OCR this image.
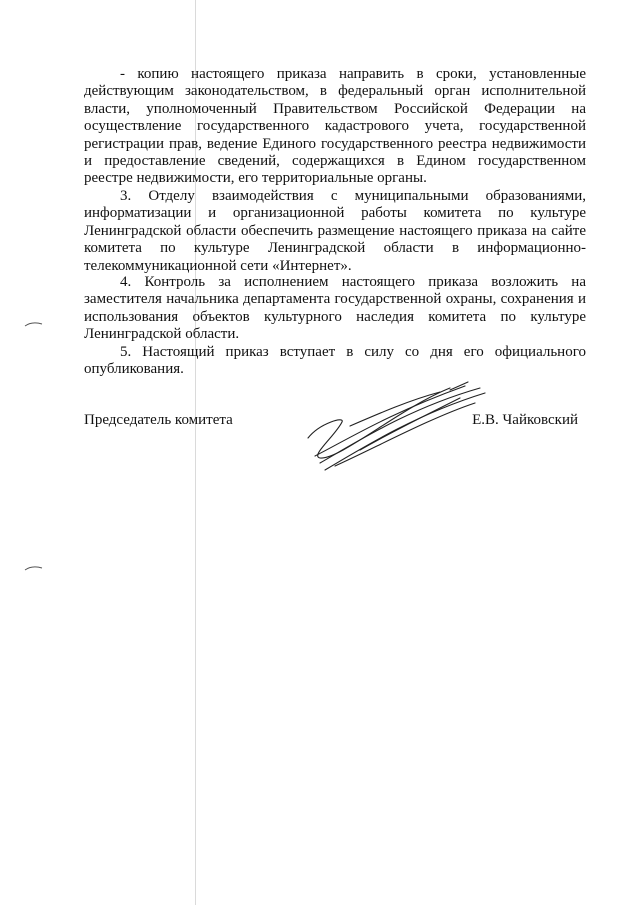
- копию настоящего приказа направить в сроки, установленные действующим законодательством, в федеральный орган исполнительной власти, уполномоченный Правительством Российской Федерации на осуществление государственного кадастрового учета, государственной регистрации прав, ведение Единого государственного реестра недвижимости и предоставление сведений, содержащихся в Едином государственном реестре недвижимости, его территориальные органы.

3. Отделу взаимодействия с муниципальными образованиями, информатизации и организационной работы комитета по культуре Ленинградской области обеспечить размещение настоящего приказа на сайте комитета по культуре Ленинградской области в информационно-телекоммуникационной сети «Интернет».

4. Контроль за исполнением настоящего приказа возложить на заместителя начальника департамента государственной охраны, сохранения и использования объектов культурного наследия комитета по культуре Ленинградской области.

5. Настоящий приказ вступает в силу со дня его официального опубликования.

Председатель комитета	Е.В. Чайковский
